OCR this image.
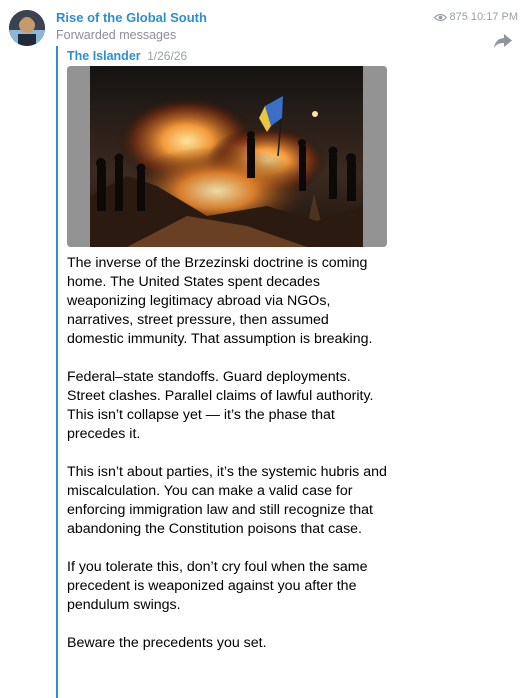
Rise of the Global South
Forwarded messages
875 10:17 PM
The Islander 1/26/26

The inverse of the Brzezinski doctrine is coming home. The United States spent decades weaponizing legitimacy abroad via NGOs, narratives, street pressure, then assumed domestic immunity. That assumption is breaking.

Federal–state standoffs. Guard deployments. Street clashes. Parallel claims of lawful authority. This isn’t collapse yet — it’s the phase that precedes it.

This isn’t about parties, it’s the systemic hubris and miscalculation. You can make a valid case for enforcing immigration law and still recognize that abandoning the Constitution poisons that case.

If you tolerate this, don’t cry foul when the same precedent is weaponized against you after the pendulum swings.

Beware the precedents you set.
